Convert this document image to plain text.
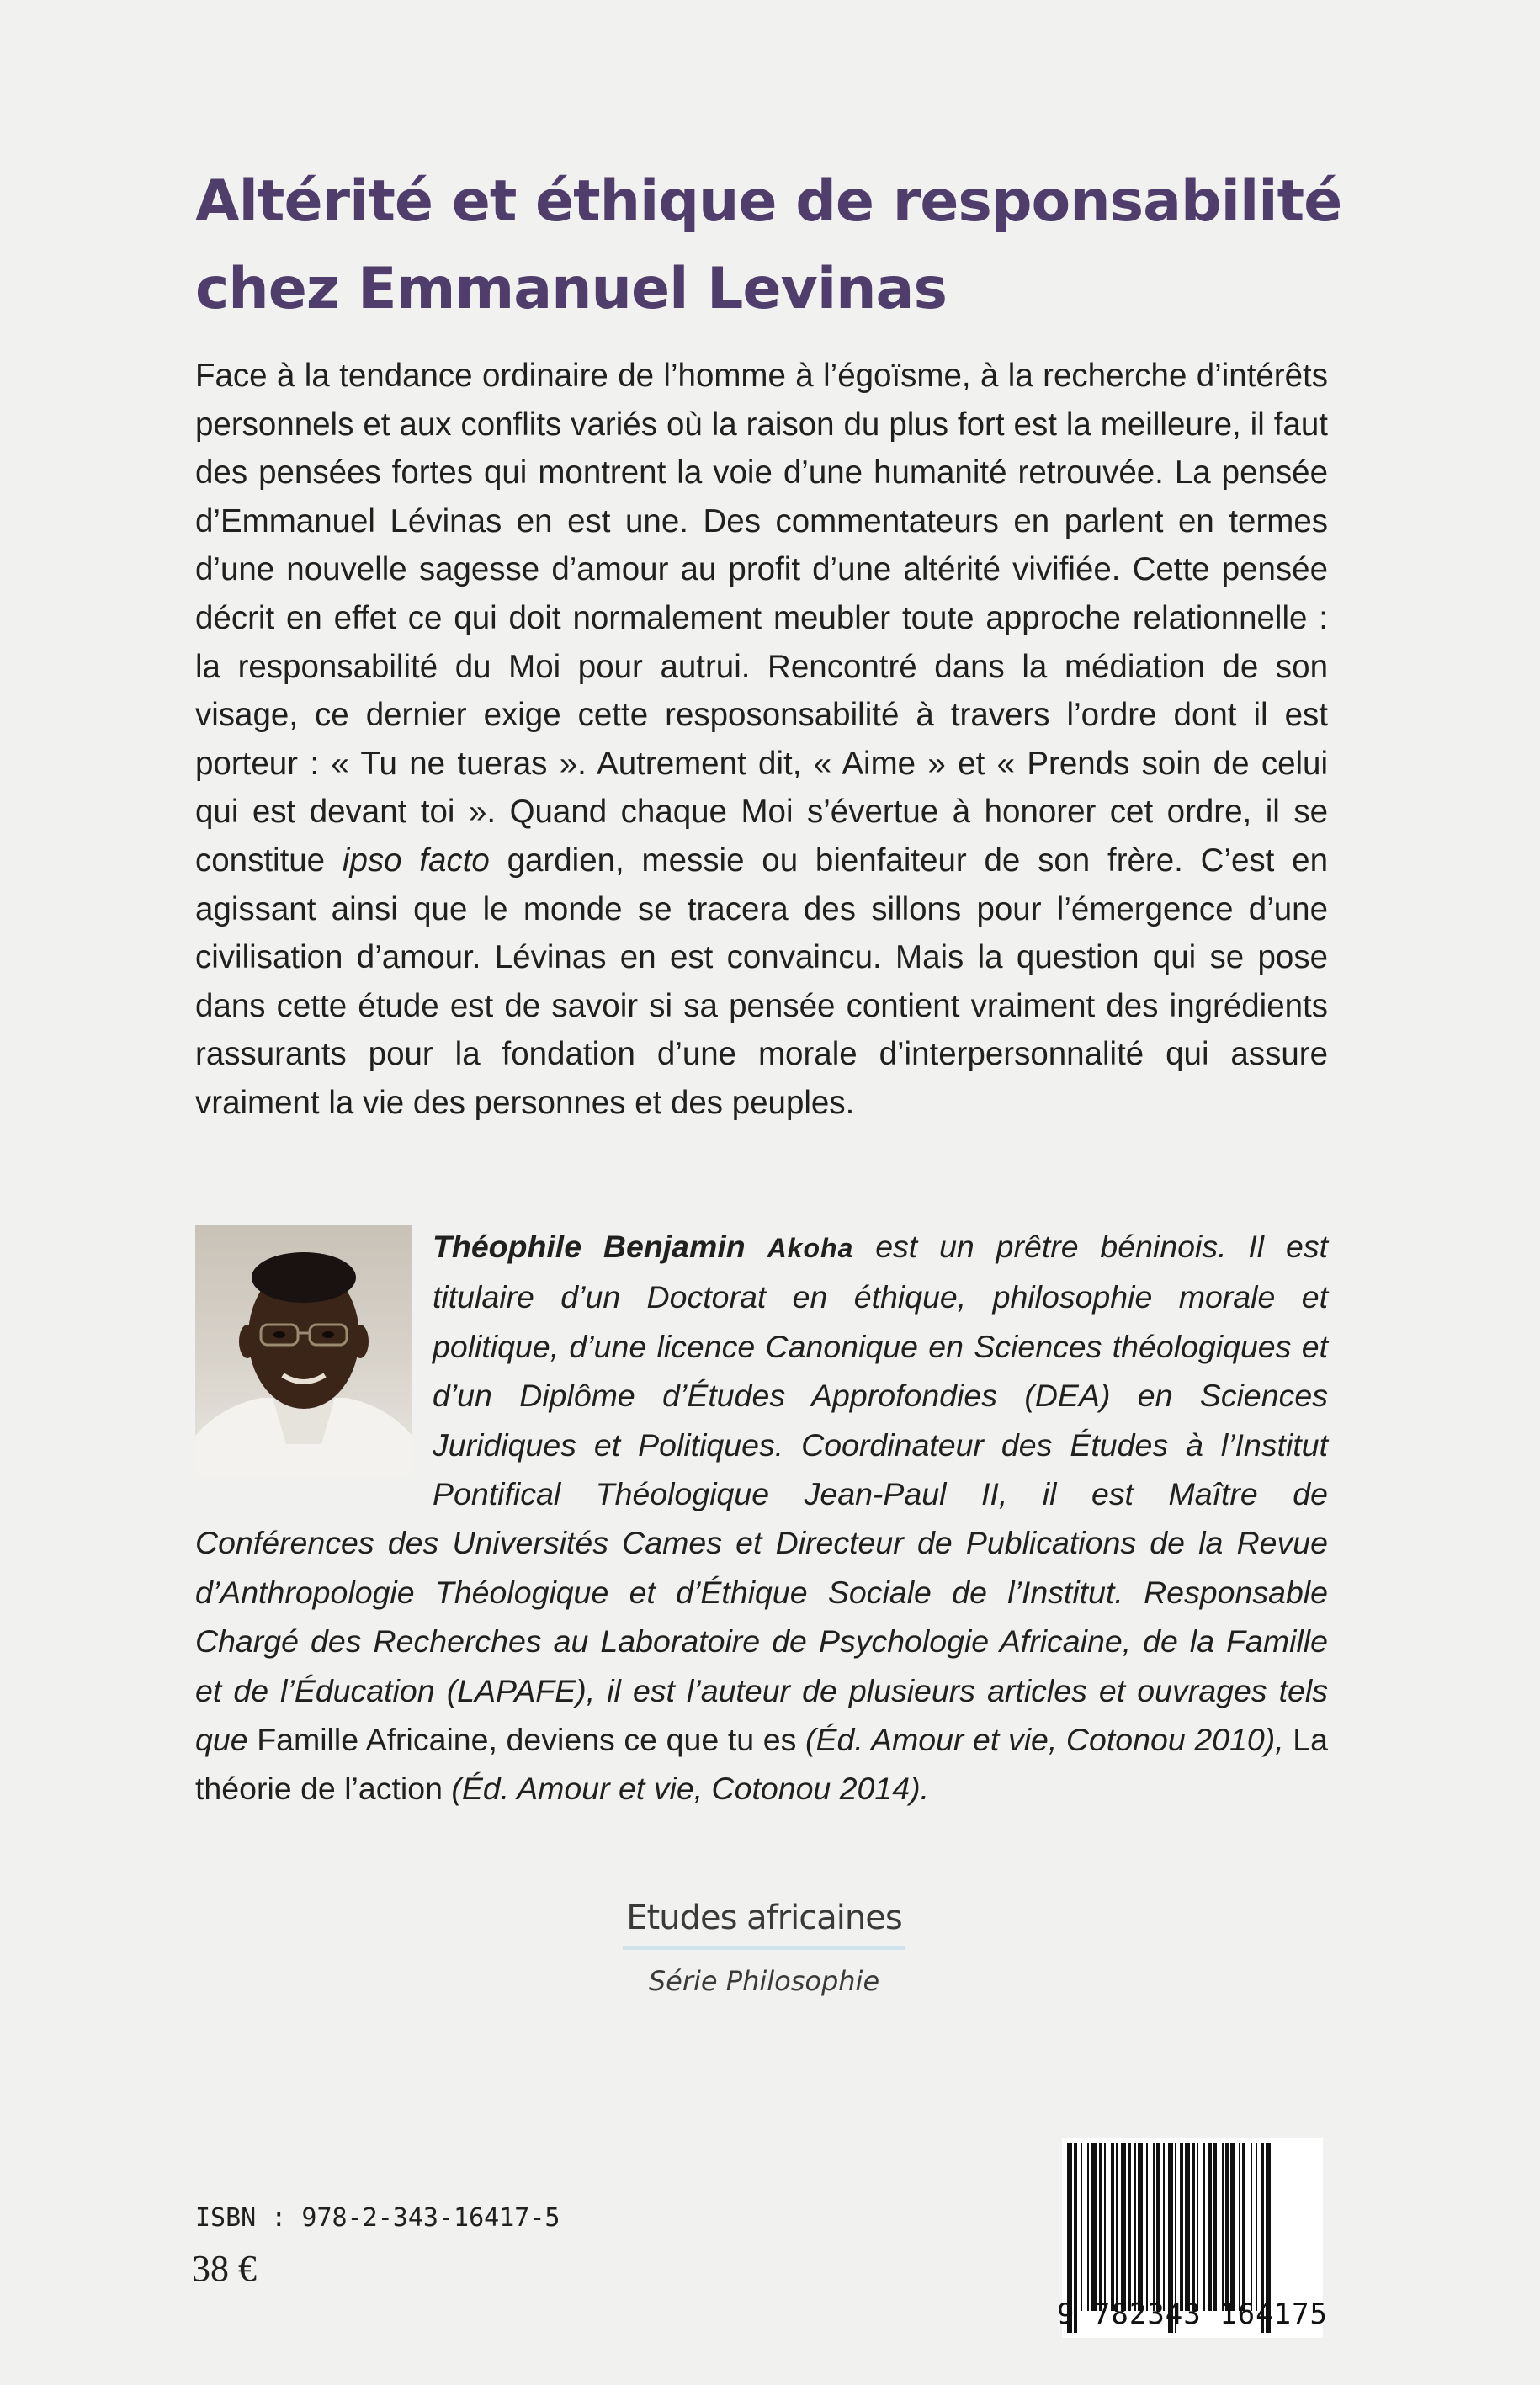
Altérité et éthique de responsabilité
chez Emmanuel Levinas

Face à la tendance ordinaire de l’homme à l’égoïsme, à la recherche d’intérêts personnels et aux conflits variés où la raison du plus fort est la meilleure, il faut des pensées fortes qui montrent la voie d’une humanité retrouvée. La pensée d’Emmanuel Lévinas en est une. Des commentateurs en parlent en termes d’une nouvelle sagesse d’amour au profit d’une altérité vivifiée. Cette pensée décrit en effet ce qui doit normalement meubler toute approche relationnelle : la responsabilité du Moi pour autrui. Rencontré dans la médiation de son visage, ce dernier exige cette resposonsabilité à travers l’ordre dont il est porteur : « Tu ne tueras ». Autrement dit, « Aime » et « Prends soin de celui qui est devant toi ». Quand chaque Moi s’évertue à honorer cet ordre, il se constitue ipso facto gardien, messie ou bienfaiteur de son frère. C’est en agissant ainsi que le monde se tracera des sillons pour l’émergence d’une civilisation d’amour. Lévinas en est convaincu. Mais la question qui se pose dans cette étude est de savoir si sa pensée contient vraiment des ingrédients rassurants pour la fondation d’une morale d’interpersonnalité qui assure vraiment la vie des personnes et des peuples.

Théophile Benjamin Akoha est un prêtre béninois. Il est titulaire d’un Doctorat en éthique, philosophie morale et politique, d’une licence Canonique en Sciences théologiques et d’un Diplôme d’Études Approfondies (DEA) en Sciences Juridiques et Politiques. Coordinateur des Études à l’Institut Pontifical Théologique Jean-Paul II, il est Maître de Conférences des Universités Cames et Directeur de Publications de la Revue d’Anthropologie Théologique et d’Éthique Sociale de l’Institut. Responsable Chargé des Recherches au Laboratoire de Psychologie Africaine, de la Famille et de l’Éducation (LAPAFE), il est l’auteur de plusieurs articles et ouvrages tels que Famille Africaine, deviens ce que tu es (Éd. Amour et vie, Cotonou 2010), La théorie de l’action (Éd. Amour et vie, Cotonou 2014).

Etudes africaines
Série Philosophie
ISBN : 978-2-343-16417-5
38 €
9 782343 164175
